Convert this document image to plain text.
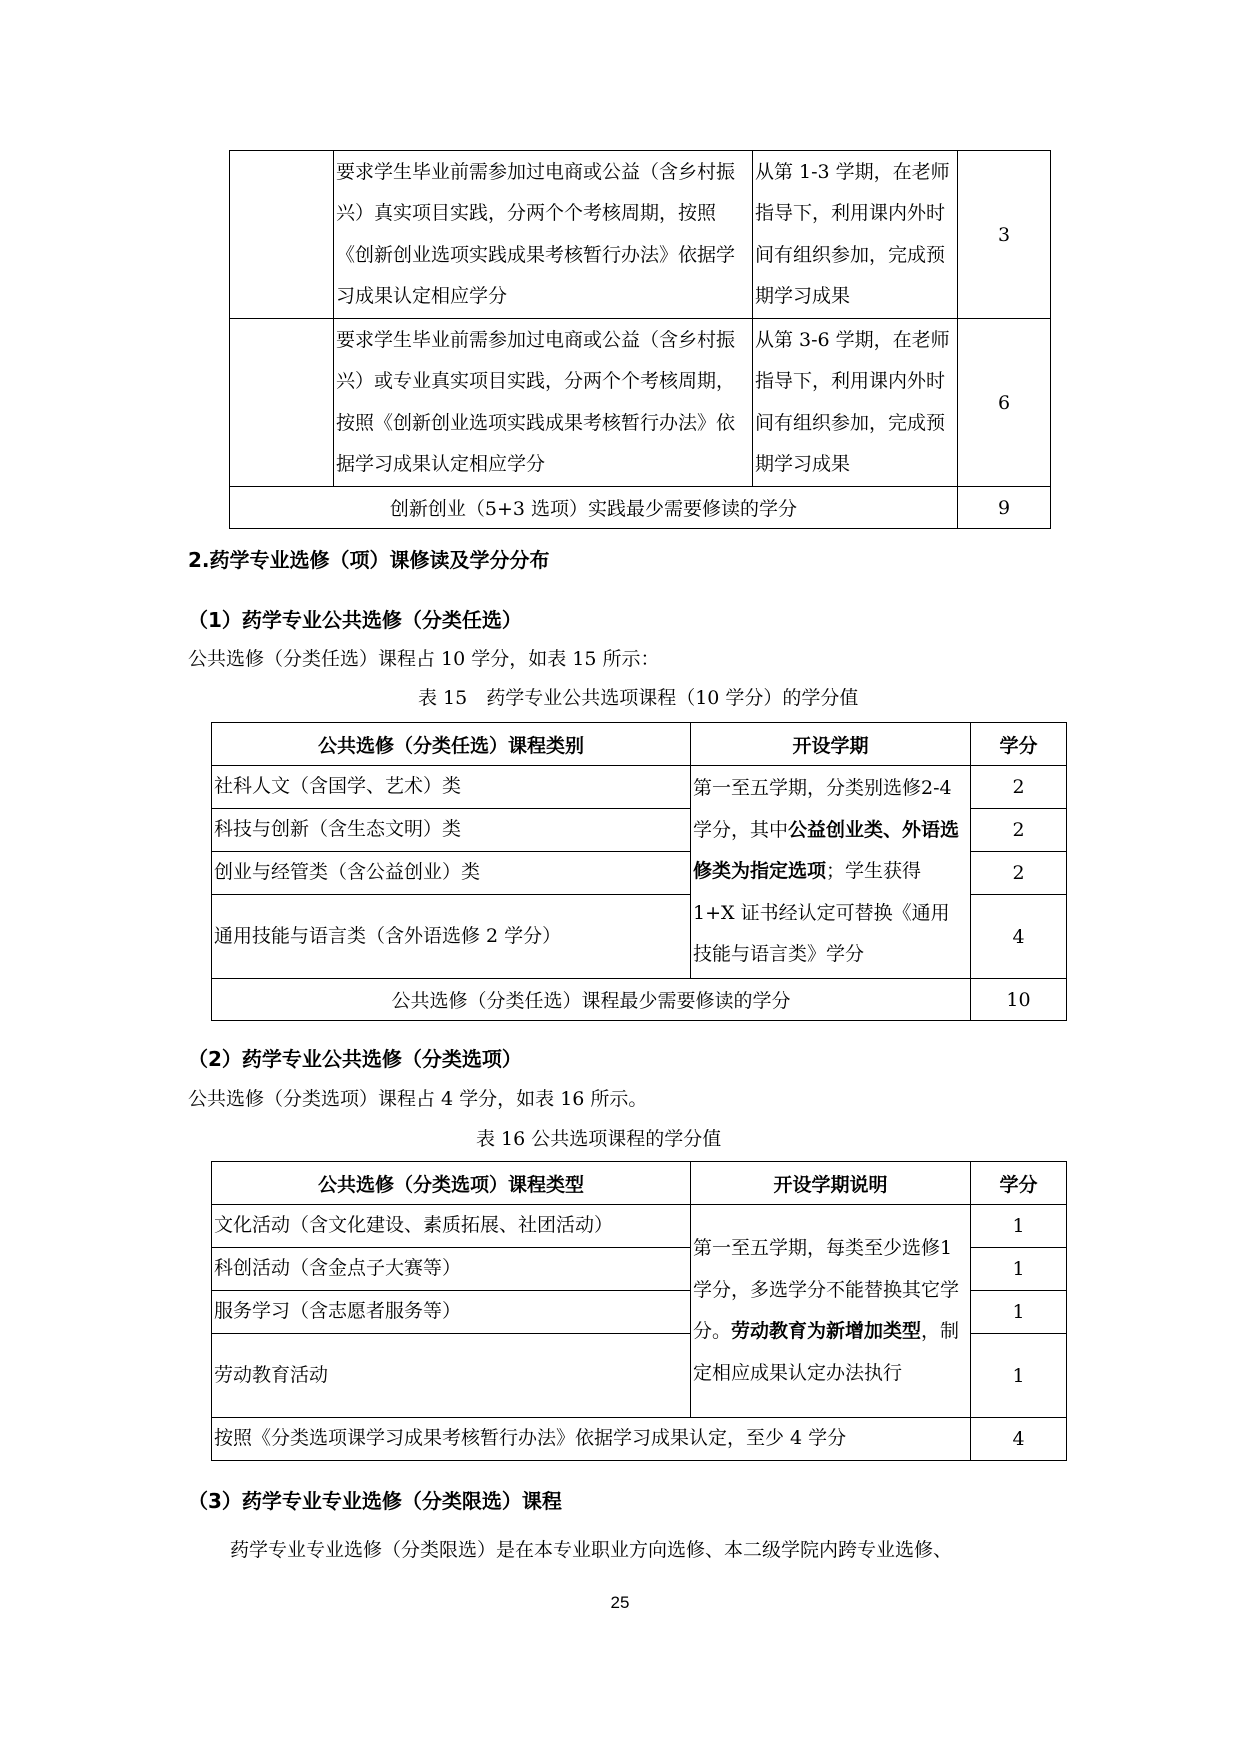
	要求学生毕业前需参加过电商或公益（含乡村振兴）真实项目实践，分两个个考核周期，按照《创新创业选项实践成果考核暂行办法》依据学习成果认定相应学分	从第 1-3 学期，在老师指导下，利用课内外时间有组织参加，完成预期学习成果	3
	要求学生毕业前需参加过电商或公益（含乡村振兴）或专业真实项目实践，分两个个考核周期，按照《创新创业选项实践成果考核暂行办法》依据学习成果认定相应学分	从第 3-6 学期，在老师指导下，利用课内外时间有组织参加，完成预期学习成果	6
创新创业（5+3 选项）实践最少需要修读的学分			9
2.药学专业选修（项）课修读及学分分布
（1）药学专业公共选修（分类任选）
公共选修（分类任选）课程占 10 学分，如表 15 所示：
表 15　药学专业公共选项课程（10 学分）的学分值
公共选修（分类任选）课程类别	开设学期	学分
社科人文（含国学、艺术）类	第一至五学期，分类别选修2-4 学分，其中公益创业类、外语选修类为指定选项；学生获得 1+X 证书经认定可替换《通用技能与语言类》学分	2
科技与创新（含生态文明）类		2
创业与经管类（含公益创业）类		2
通用技能与语言类（含外语选修 2 学分）		4
公共选修（分类任选）课程最少需要修读的学分		10
（2）药学专业公共选修（分类选项）
公共选修（分类选项）课程占 4 学分，如表 16 所示。
表 16 公共选项课程的学分值
公共选修（分类选项）课程类型	开设学期说明	学分
文化活动（含文化建设、素质拓展、社团活动）	第一至五学期，每类至少选修1 学分，多选学分不能替换其它学分。劳动教育为新增加类型，制定相应成果认定办法执行	1
科创活动（含金点子大赛等）		1
服务学习（含志愿者服务等）		1
劳动教育活动		1
按照《分类选项课学习成果考核暂行办法》依据学习成果认定，至少 4 学分		4
（3）药学专业专业选修（分类限选）课程
药学专业专业选修（分类限选）是在本专业职业方向选修、本二级学院内跨专业选修、
25
